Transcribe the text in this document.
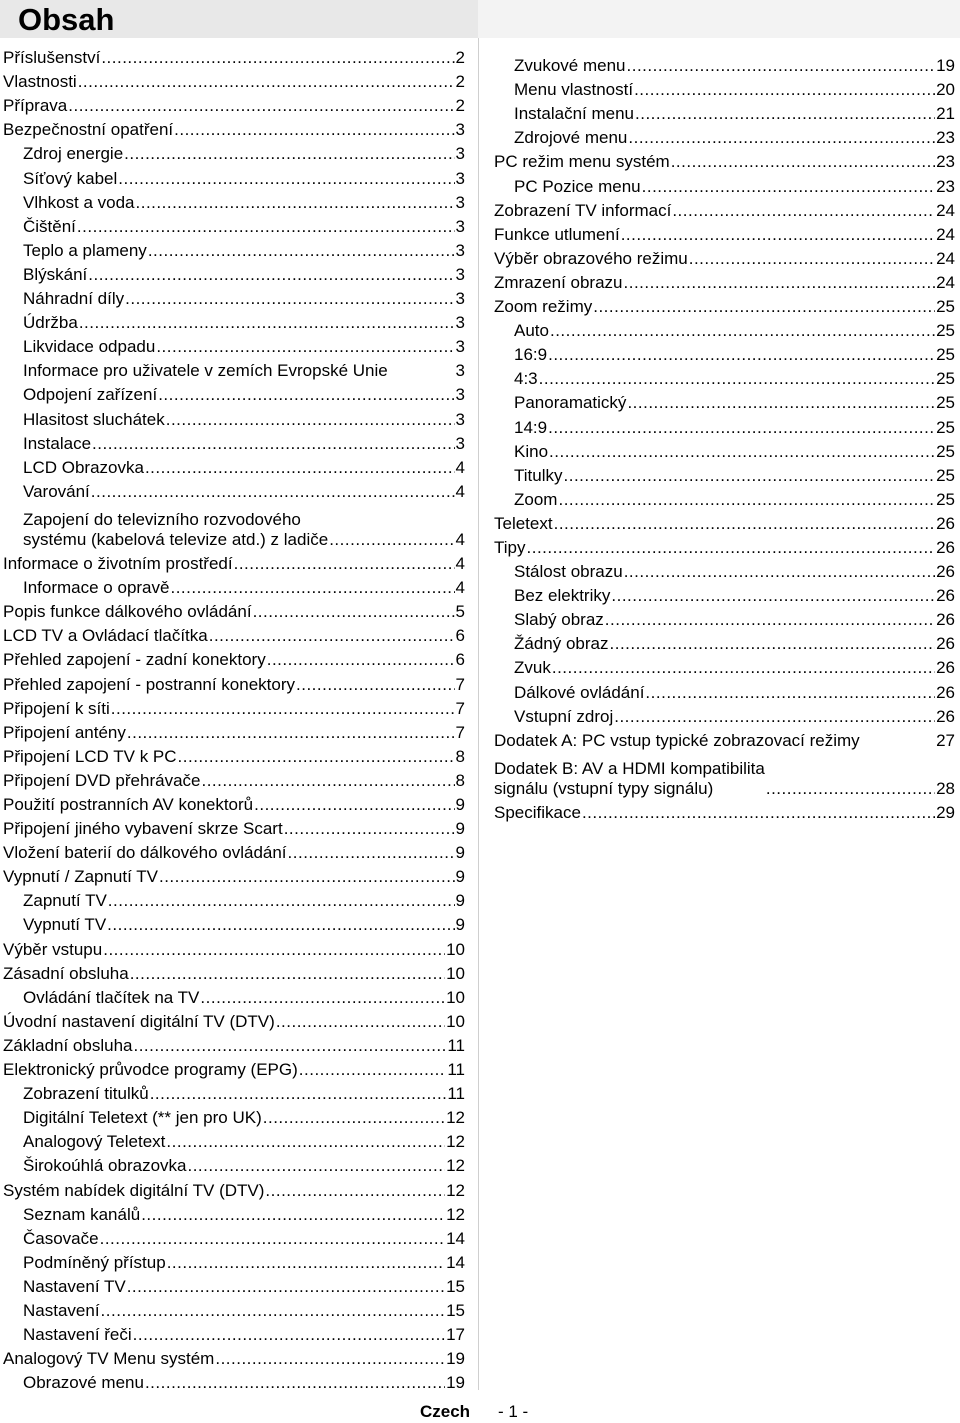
Obsah
Příslušenství .....	2
Vlastnosti .....	2
Příprava .....	2
Bezpečnostní opatření .....	3
Zdroj energie .....	3
Síťový kabel .....	3
Vlhkost a voda .....	3
Čištění .....	3
Teplo a plameny .....	3
Blýskání .....	3
Náhradní díly .....	3
Údržba .....	3
Likvidace odpadu .....	3
Informace pro uživatele v zemích Evropské Unie	3
Odpojení zařízení .....	3
Hlasitost sluchátek .....	3
Instalace .....	3
LCD Obrazovka .....	4
Varování .....	4
Zapojení do televizního rozvodového
systému (kabelová televize atd.) z ladiče .....	4
Informace o životním prostředí .....	4
Informace o opravě .....	4
Popis funkce dálkového ovládání .....	5
LCD TV a Ovládací tlačítka .....	6
Přehled zapojení - zadní konektory .....	6
Přehled zapojení - postranní konektory .....	7
Připojení k síti .....	7
Připojení antény .....	7
Připojení LCD TV k PC .....	8
Připojení DVD přehrávače .....	8
Použití postranních AV konektorů .....	9
Připojení jiného vybavení skrze Scart .....	9
Vložení baterií do dálkového ovládání .....	9
Vypnutí / Zapnutí TV .....	9
Zapnutí TV .....	9
Vypnutí TV .....	9
Výběr vstupu .....	10
Zásadní obsluha .....	10
Ovládání tlačítek na TV .....	10
Úvodní nastavení digitální TV (DTV) .....	10
Základní obsluha .....	11
Elektronický průvodce programy (EPG) .....	11
Zobrazení titulků .....	11
Digitální Teletext (** jen pro UK) .....	12
Analogový Teletext .....	12
Širokoúhlá obrazovka .....	12
Systém nabídek digitální TV (DTV) .....	12
Seznam kanálů .....	12
Časovače .....	14
Podmíněný přístup .....	14
Nastavení TV .....	15
Nastavení .....	15
Nastavení řeči .....	17
Analogový TV Menu systém .....	19
Obrazové menu .....	19
Zvukové menu .....	19
Menu vlastností .....	20
Instalační menu .....	21
Zdrojové menu .....	23
PC režim menu systém .....	23
PC Pozice menu .....	23
Zobrazení TV informací .....	24
Funkce utlumení .....	24
Výběr obrazového režimu .....	24
Zmrazení obrazu .....	24
Zoom režimy .....	25
Auto .....	25
16:9 .....	25
4:3 .....	25
Panoramatický .....	25
14:9 .....	25
Kino .....	25
Titulky .....	25
Zoom .....	25
Teletext .....	26
Tipy .....	26
Stálost obrazu .....	26
Bez elektriky .....	26
Slabý obraz .....	26
Žádný obraz .....	26
Zvuk .....	26
Dálkové ovládání .....	26
Vstupní zdroj .....	26
Dodatek A: PC vstup typické zobrazovací režimy	27
Dodatek B: AV a HDMI kompatibilita
signálu (vstupní typy signálu) .....	28
Specifikace .....	29
Czech - 1 -
